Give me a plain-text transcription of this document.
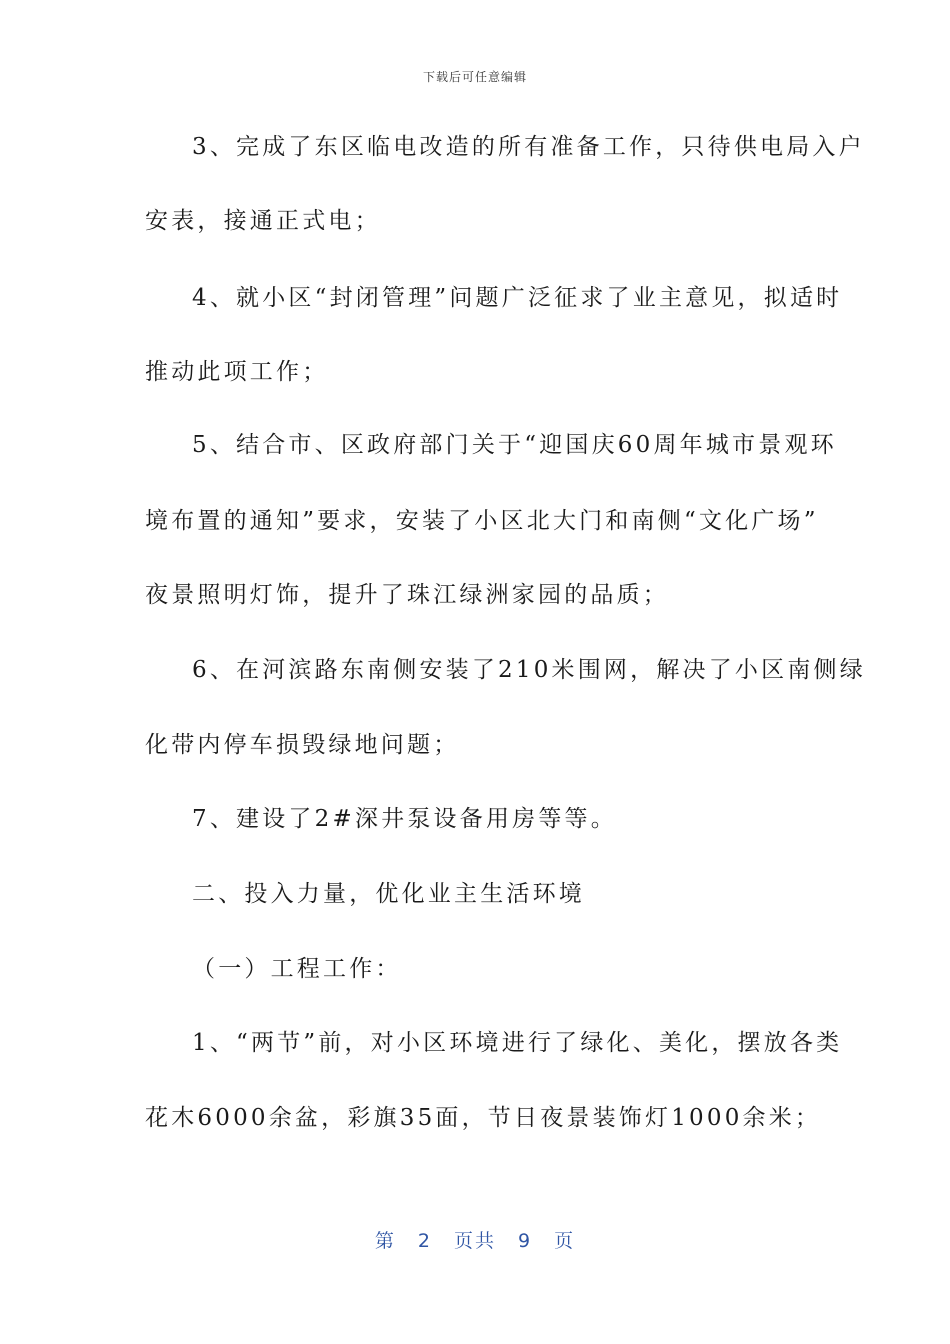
下载后可任意编辑
3、完成了东区临电改造的所有准备工作，只待供电局入户
安表，接通正式电；
4、就小区“封闭管理”问题广泛征求了业主意见，拟适时
推动此项工作；
5、结合市、区政府部门关于“迎国庆60周年城市景观环
境布置的通知”要求，安装了小区北大门和南侧“文化广场”
夜景照明灯饰，提升了珠江绿洲家园的品质；
6、在河滨路东南侧安装了210米围网，解决了小区南侧绿
化带内停车损毁绿地问题；
7、建设了2#深井泵设备用房等等。
二、投入力量，优化业主生活环境
（一）工程工作：
1、“两节”前，对小区环境进行了绿化、美化，摆放各类
花木6000余盆，彩旗35面，节日夜景装饰灯1000余米；
第 2 页共 9 页
